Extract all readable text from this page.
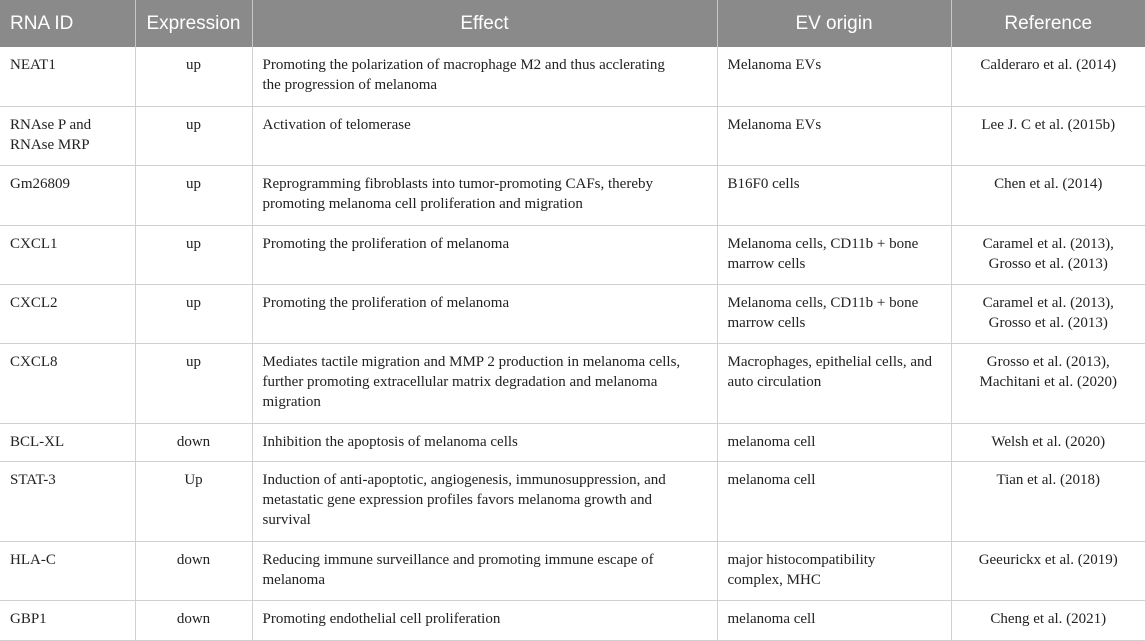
RNA ID	Expression	Effect	EV origin	Reference

NEAT1	up	Promoting the polarization of macrophage M2 and thus acclerating
the progression of melanoma	Melanoma EVs	Calderaro et al. (2014)

RNAse P and
RNAse MRP	up	Activation of telomerase	Melanoma EVs	Lee J. C et al. (2015b)

Gm26809	up	Reprogramming fibroblasts into tumor-promoting CAFs, thereby
promoting melanoma cell proliferation and migration	B16F0 cells	Chen et al. (2014)

CXCL1	up	Promoting the proliferation of melanoma	Melanoma cells, CD11b + bone
marrow cells	Caramel et al. (2013),
Grosso et al. (2013)

CXCL2	up	Promoting the proliferation of melanoma	Melanoma cells, CD11b + bone
marrow cells	Caramel et al. (2013),
Grosso et al. (2013)

CXCL8	up	Mediates tactile migration and MMP 2 production in melanoma cells,
further promoting extracellular matrix degradation and melanoma
migration	Macrophages, epithelial cells, and
auto circulation	Grosso et al. (2013),
Machitani et al. (2020)

BCL-XL	down	Inhibition the apoptosis of melanoma cells	melanoma cell	Welsh et al. (2020)

STAT-3	Up	Induction of anti-apoptotic, angiogenesis, immunosuppression, and
metastatic gene expression profiles favors melanoma growth and
survival	melanoma cell	Tian et al. (2018)

HLA-C	down	Reducing immune surveillance and promoting immune escape of
melanoma	major histocompatibility
complex, MHC	Geeurickx et al. (2019)

GBP1	down	Promoting endothelial cell proliferation	melanoma cell	Cheng et al. (2021)
